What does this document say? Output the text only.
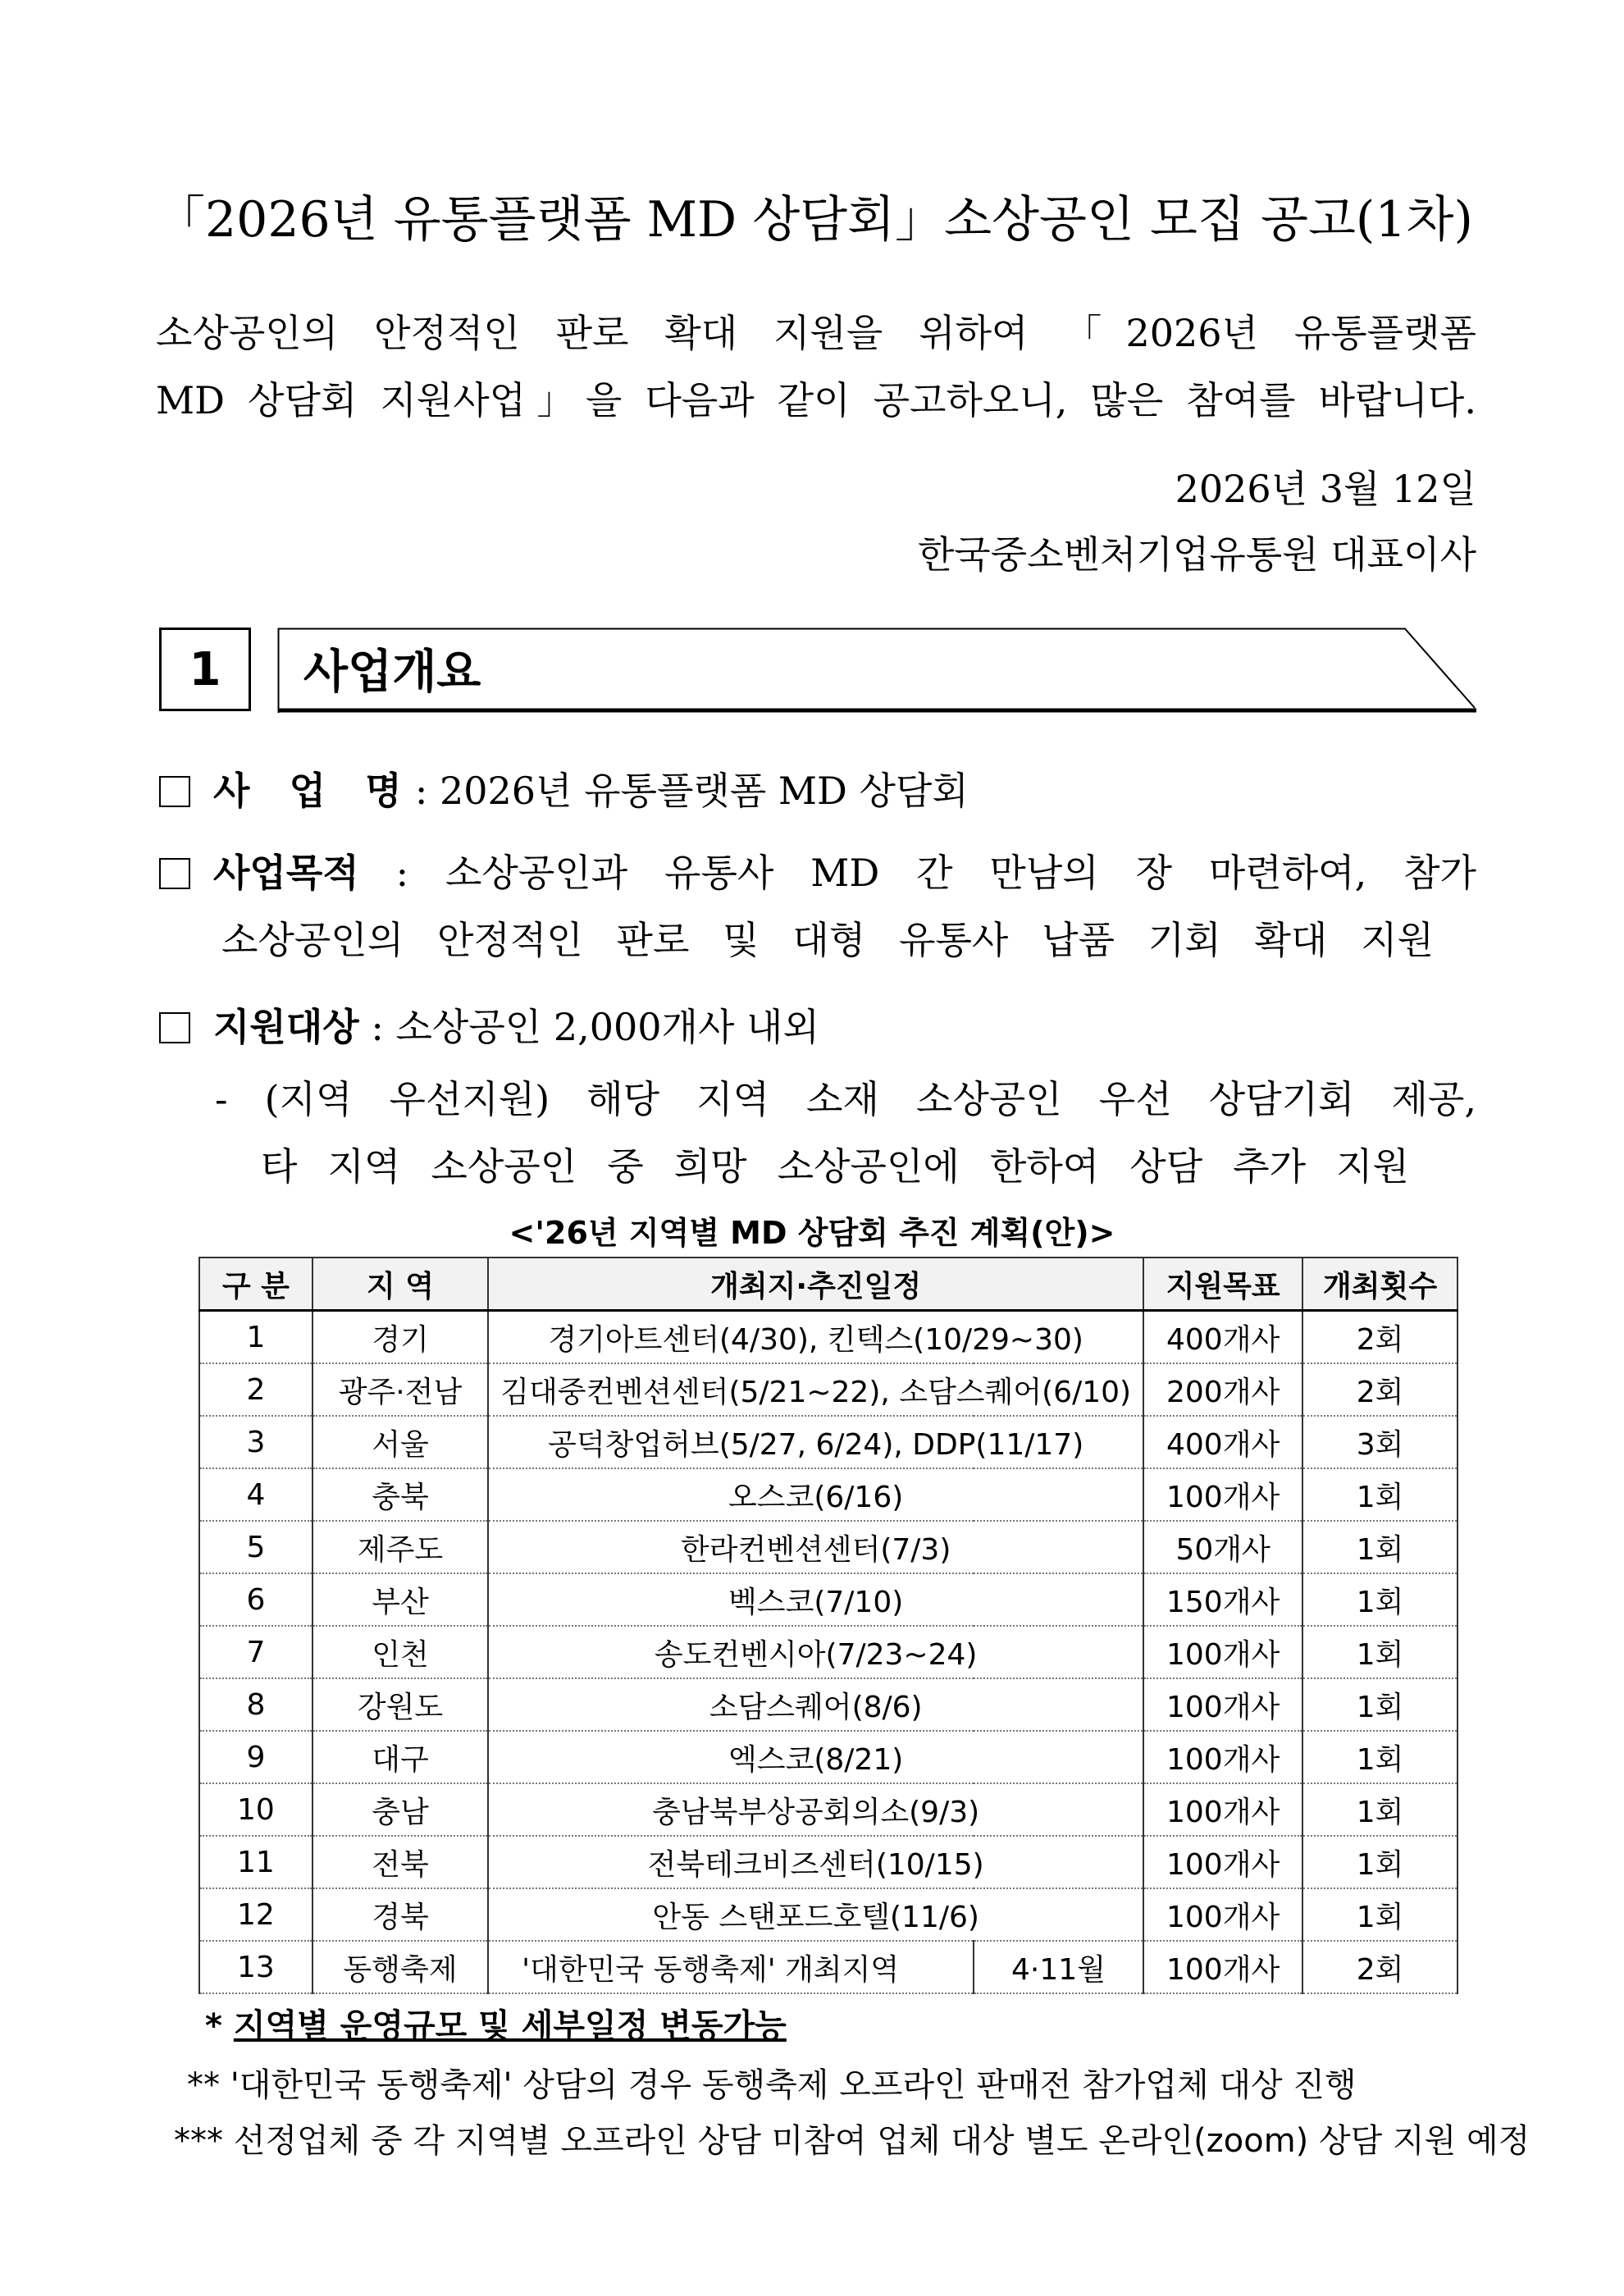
「2026년 유통플랫폼 MD 상담회」소상공인 모집 공고(1차)
소상공인의 안정적인 판로 확대 지원을 위하여 「2026년 유통플랫폼
MD 상담회 지원사업」을 다음과 같이 공고하오니, 많은 참여를 바랍니다.
2026년 3월 12일
한국중소벤처기업유통원 대표이사
1	사업개요
사 업 명: 2026년 유통플랫폼 MD 상담회
사업목적 : 소상공인과 유통사 MD 간 만남의 장 마련하여, 참가
소상공인의 안정적인 판로 및 대형 유통사 납품 기회 확대 지원
지원대상 : 소상공인 2,000개사 내외
- (지역 우선지원) 해당 지역 소재 소상공인 우선 상담기회 제공,
타 지역 소상공인 중 희망 소상공인에 한하여 상담 추가 지원
<'26년 지역별 MD 상담회 추진 계획(안)>
구 분	지 역	개최지·추진일정		지원목표	개최횟수
1	경기	경기아트센터(4/30), 킨텍스(10/29~30)		400개사	2회
2	광주·전남	김대중컨벤션센터(5/21~22), 소담스퀘어(6/10)		200개사	2회
3	서울	공덕창업허브(5/27, 6/24), DDP(11/17)		400개사	3회
4	충북	오스코(6/16)		100개사	1회
5	제주도	한라컨벤션센터(7/3)		50개사	1회
6	부산	벡스코(7/10)		150개사	1회
7	인천	송도컨벤시아(7/23~24)		100개사	1회
8	강원도	소담스퀘어(8/6)		100개사	1회
9	대구	엑스코(8/21)		100개사	1회
10	충남	충남북부상공회의소(9/3)		100개사	1회
11	전북	전북테크비즈센터(10/15)		100개사	1회
12	경북	안동 스탠포드호텔(11/6)		100개사	1회
13	동행축제	'대한민국 동행축제' 개최지역	4·11월	100개사	2회
* 지역별 운영규모 및 세부일정 변동가능
** '대한민국 동행축제' 상담의 경우 동행축제 오프라인 판매전 참가업체 대상 진행
*** 선정업체 중 각 지역별 오프라인 상담 미참여 업체 대상 별도 온라인(zoom) 상담 지원 예정
